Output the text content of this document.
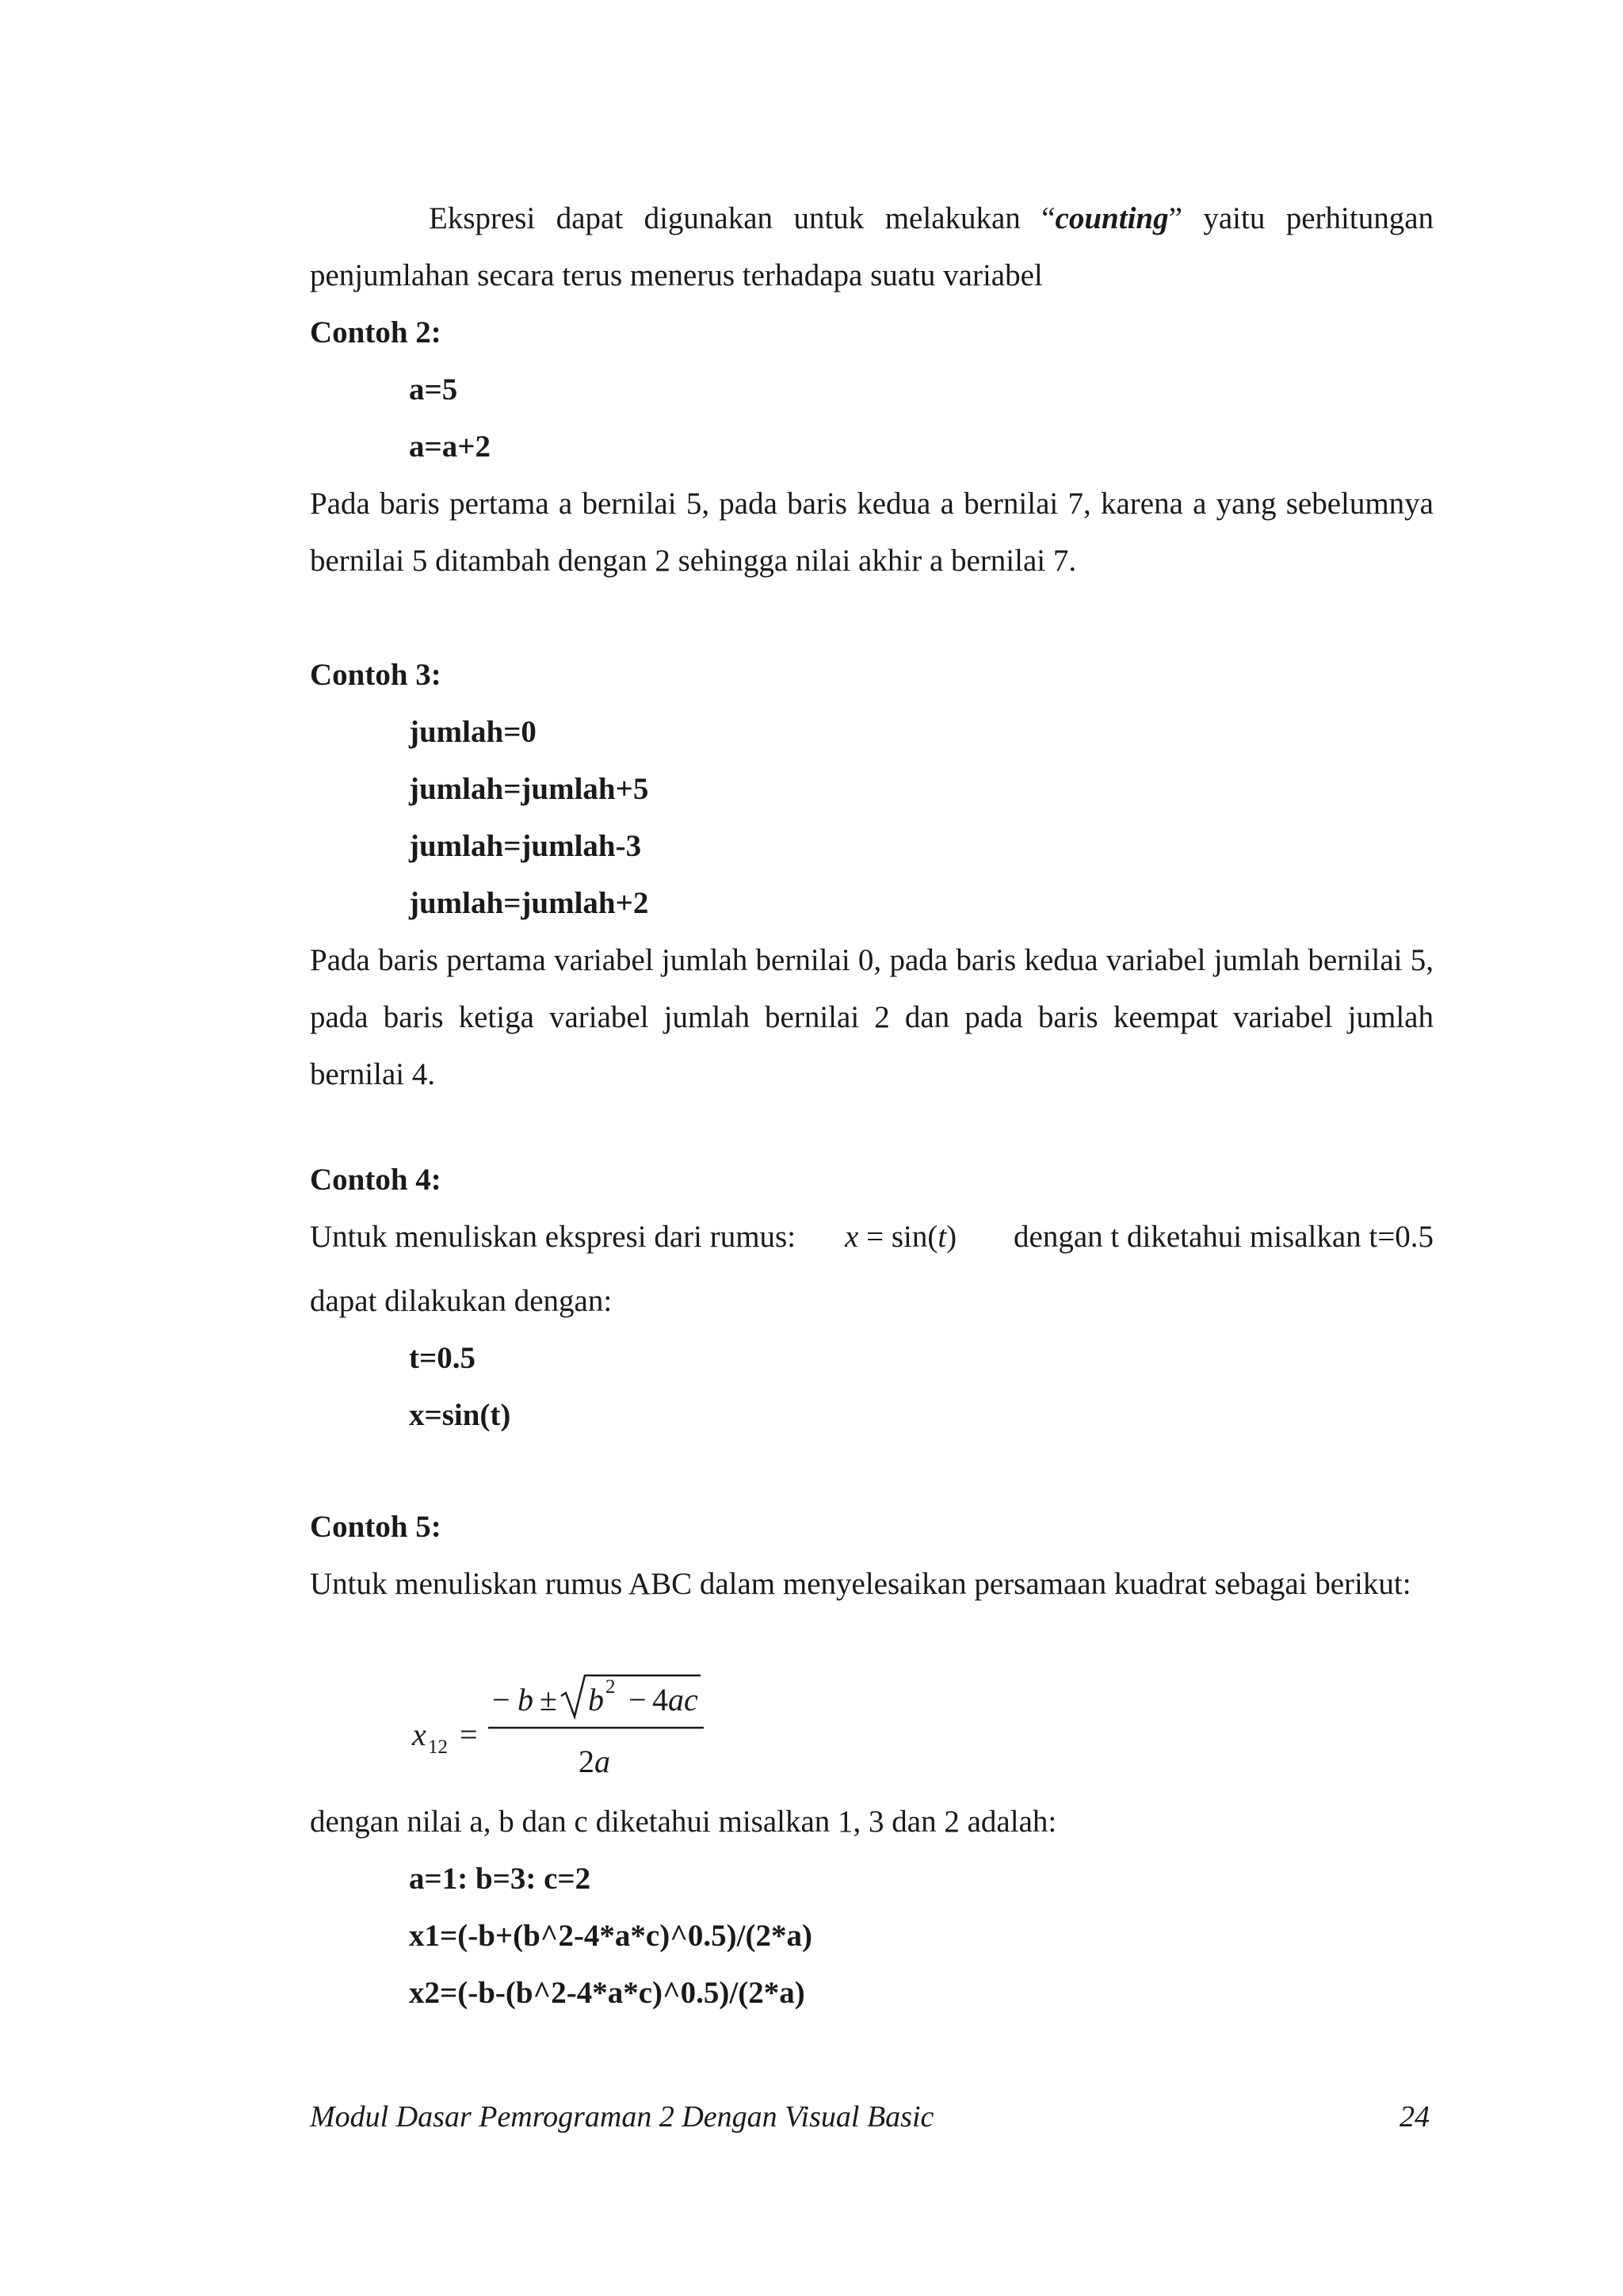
Ekspresi dapat digunakan untuk melakukan “counting” yaitu perhitungan
penjumlahan secara terus menerus terhadapa suatu variabel
Contoh 2:
a=5
a=a+2
Pada baris pertama a bernilai 5, pada baris kedua a bernilai 7, karena a yang sebelumnya bernilai 5 ditambah dengan 2 sehingga nilai akhir a bernilai 7.
Contoh 3:
jumlah=0
jumlah=jumlah+5
jumlah=jumlah-3
jumlah=jumlah+2
Pada baris pertama variabel jumlah bernilai 0, pada baris kedua variabel jumlah bernilai 5, pada baris ketiga variabel jumlah bernilai 2 dan pada baris keempat variabel jumlah bernilai 4.
Contoh 4:
Untuk menuliskan ekspresi dari rumus: x = sin(t) dengan t diketahui misalkan t=0.5
dapat dilakukan dengan:
t=0.5
x=sin(t)
Contoh 5:
Untuk menuliskan rumus ABC dalam menyelesaikan persamaan kuadrat sebagai berikut:
x 12 =
− b ± b 2 − 4 ac
2 a
dengan nilai a, b dan c diketahui misalkan 1, 3 dan 2 adalah:
a=1: b=3: c=2
x1=(-b+(b^2-4*a*c)^0.5)/(2*a)
x2=(-b-(b^2-4*a*c)^0.5)/(2*a)
Modul Dasar Pemrograman 2 Dengan Visual Basic	24
